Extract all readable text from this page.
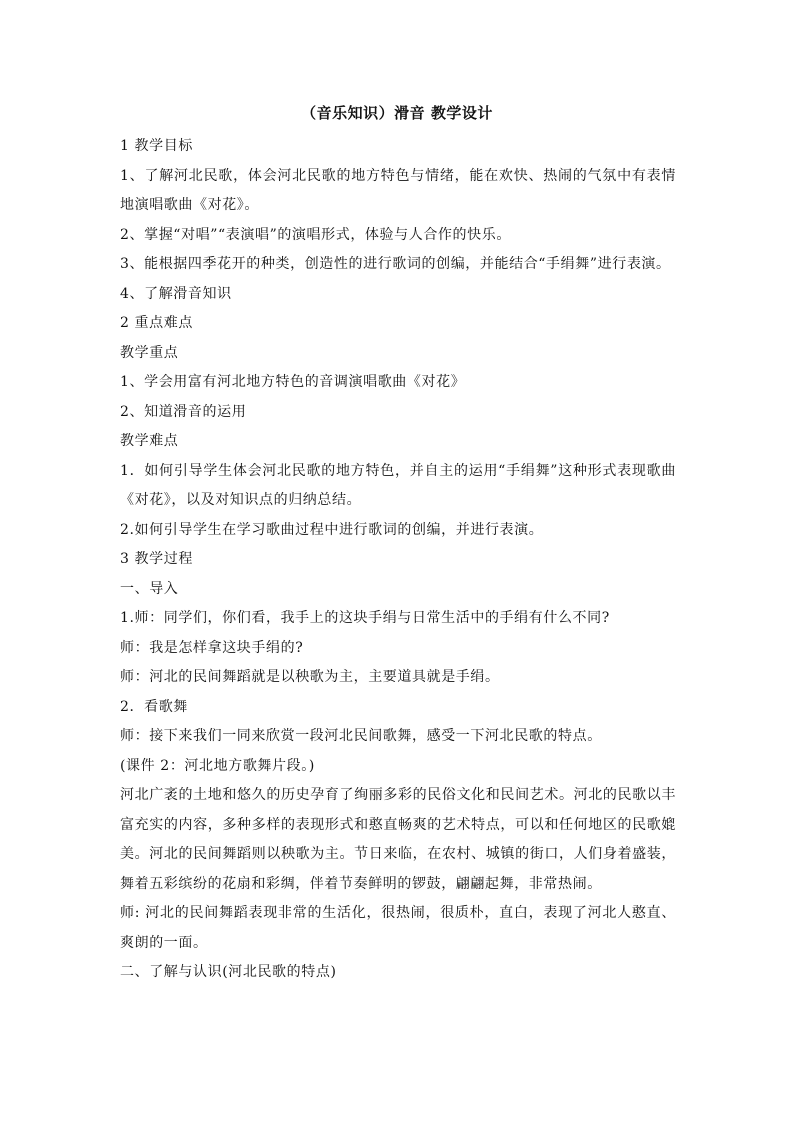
（音乐知识）滑音 教学设计

1 教学目标

1、了解河北民歌，体会河北民歌的地方特色与情绪，能在欢快、热闹的气氛中有表情地演唱歌曲《对花》。

2、掌握“对唱”“表演唱”的演唱形式，体验与人合作的快乐。

3、能根据四季花开的种类，创造性的进行歌词的创编，并能结合“手绢舞”进行表演。

4、了解滑音知识

2 重点难点

教学重点

1、学会用富有河北地方特色的音调演唱歌曲《对花》

2、知道滑音的运用

教学难点

1．如何引导学生体会河北民歌的地方特色，并自主的运用“手绢舞”这种形式表现歌曲《对花》，以及对知识点的归纳总结。

2.如何引导学生在学习歌曲过程中进行歌词的创编，并进行表演。

3 教学过程

一、导入

1.师：同学们，你们看，我手上的这块手绢与日常生活中的手绢有什么不同?

师：我是怎样拿这块手绢的?

师：河北的民间舞蹈就是以秧歌为主，主要道具就是手绢。

2．看歌舞

师：接下来我们一同来欣赏一段河北民间歌舞，感受一下河北民歌的特点。

(课件 2：河北地方歌舞片段。)

河北广袤的土地和悠久的历史孕育了绚丽多彩的民俗文化和民间艺术。河北的民歌以丰富充实的内容，多种多样的表现形式和憨直畅爽的艺术特点，可以和任何地区的民歌媲美。河北的民间舞蹈则以秧歌为主。节日来临，在农村、城镇的街口，人们身着盛装，舞着五彩缤纷的花扇和彩绸，伴着节奏鲜明的锣鼓，翩翩起舞，非常热闹。

师: 河北的民间舞蹈表现非常的生活化，很热闹，很质朴，直白，表现了河北人憨直、爽朗的一面。

二、了解与认识(河北民歌的特点)
